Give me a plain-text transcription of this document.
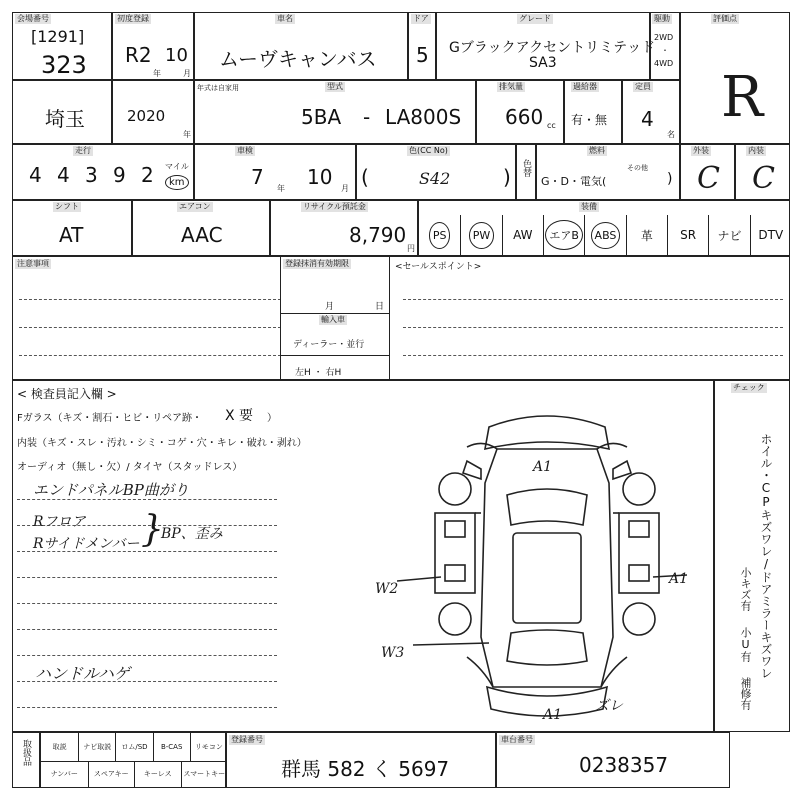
会場番号
[1291]
323
初度登録
R2 10
年	月
車名
ムーヴキャンバス
ドア
5
グレード
Gブラックアクセントリミテッド
SA3
駆動
2WD
・
4WD
評価点
R
埼玉	2020
年
年式は自家用	型式
5BA - LA800S
排気量
660 cc
過給器
有・無
定員
4
名
走行
4 4 3 9 2 マイル
km
車検
7 年 10 月
色(CC No)
(	S42	) 色替
燃料
G・D・電気(
その他
)
外装
C
内装
C
シフト
AT
エアコン
AAC
リサイクル預託金
8,790
円
装備
PS	PW	AW	エアB	ABS	革 SR ナビ DTV
注意事項	<セールスポイント>
登録抹消有効期限
月	日
輸入車
ディーラー・並行
左H ・ 右H
< 検査員記入欄 >
Fガラス（キズ・割石・ヒビ・リペア跡・ X 要 ）
内装（キズ・スレ・汚れ・シミ・コゲ・穴・キレ・破れ・剥れ）
オーディオ（無し・欠）/ タイヤ（スタッドレス）
エンドパネルBP曲がり
Rフロア
Rサイドメンバー }
BP、歪み
ハンドルハゲ
A1
W2
A1
W3
A1
ズレ
チェック
ホイル・CPキズワレ/ドアミラーキズワレ
小キズ有
小U有
補修有
取扱品	取説	ナビ取説	ロム/SD	B-CAS	リモコン
ナンバー	スペアキー	キーレス	スマートキー
登録番号
群馬 582 く 5697
車台番号
0238357
